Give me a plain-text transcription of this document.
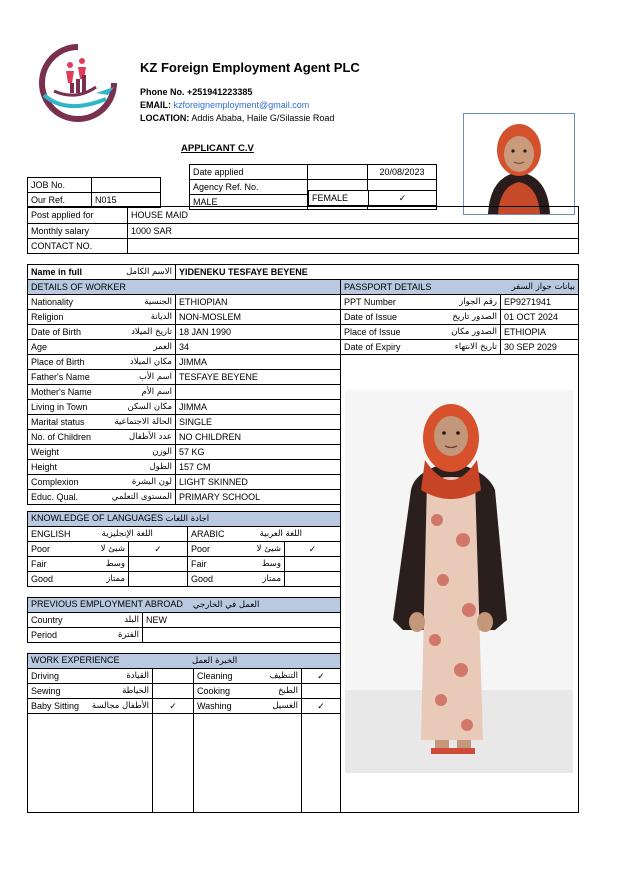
KZ Foreign Employment Agent PLC
Phone No. +251941223385
EMAIL: kzforeignemployment@gmail.com
LOCATION: Addis Ababa, Haile G/Silassie Road
APPLICANT C.V
Date applied		20/08/2023
Agency Ref. No.		
MALE			FEMALE	✓
JOB No.	
Our Ref.	N015
Post applied for	HOUSE MAID
Monthly salary	1000 SAR
CONTACT NO.	
Name in full	الاسم الكامل	YIDENEKU TESFAYE BEYENE
DETAILS OF WORKER	

Nationality الجنسية	ETHIOPIAN

Religion الديانة	NON-MOSLEM

Date of Birth تاريخ الميلاد	18 JAN 1990

Age العمر	34

Place of Birth مكان الميلاد	JIMMA

Father's Name اسم الأب	TESFAYE BEYENE

Mother's Name اسم الأم	

Living in Town مكان السكن	JIMMA

Marital status الحالة الاجتماعية	SINGLE

No. of Children عدد الأطفال	NO CHILDREN

Weight الوزن	57 KG

Height الطول	157 CM

Complexion لون البشرة	LIGHT SKINNED

Educ. Qual. المستوى التعلمي	PRIMARY SCHOOL
PASSPORT DETAILS بيانات جواز السفر	

PPT Number رقم الجواز	EP9271941

Date of Issue الصدور تاريخ	01 OCT 2024

Place of Issue الصدور مكان	ETHIOPIA

Date of Expiry تاريخ الانتهاء	30 SEP 2029
KNOWLEDGE OF LANGUAGES اجادة اللغات			

ENGLISH اللغة الإنجليزية		ARABIC اللغة العربية	

Poor شيئ لا	✓	Poor شيئ لا	✓

Fair وسط		Fair وسط	

Good ممتاز		Good ممتاز	

PREVIOUS EMPLOYMENT ABROAD العمل في الخارجي	

Country البلد	NEW

Period الفترة	

WORK EXPERIENCE الخبرة العمل			

Driving القيادة		Cleaning التنظيف	✓

Sewing الخياطة		Cooking الطبخ	

Baby Sitting الأطفال مجالسة	✓	Washing الغسيل	✓
